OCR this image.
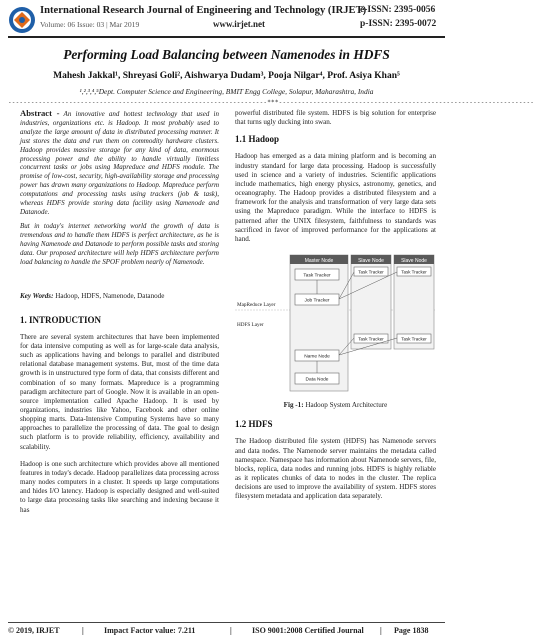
International Research Journal of Engineering and Technology (IRJET)
e-ISSN: 2395-0056
Volume: 06 Issue: 03 | Mar 2019	www.irjet.net	p-ISSN: 2395-0072
Performing Load Balancing between Namenodes in HDFS
Mahesh Jakkal¹, Shreyasi Goli², Aishwarya Dudam³, Pooja Nilgar⁴, Prof. Asiya Khan⁵
¹,²,³,⁴,⁵Dept. Computer Science and Engineering, BMIT Engg College, Solapur, Maharashtra, India
--------------------------------------------------------------------***-------------------------------------------------------------------

Abstract - An innovative and hottest technology that used in industries, organizations etc. is Hadoop. It most probably used to analyze the large amount of data in distributed processing manner. It just stores the data and run them on commodity hardware clusters. Hadoop provides massive storage for any kind of data, enormous processing power and the ability to handle virtually limitless concurrent tasks or jobs using Mapreduce and HDFS module. The promise of low-cost, security, high-availability storage and processing power has drawn many organizations to Hadoop. Mapreduce perform computations and processing tasks using trackers (job & task), whereas HDFS provide storing data facility using Namenode and Datanode.

But in today's internet networking world the growth of data is tremendous and to handle them HDFS is perfect architecture, as he is having Namenode and Datanode to perform possible tasks and storing data. Our proposed architecture will help HDFS architecture perform load balancing to handle the SPOF problem nearly of Namenode.

Key Words: Hadoop, HDFS, Namenode, Datanode

1. INTRODUCTION

There are several system architectures that have been implemented for data intensive computing as well as for large-scale data analysis, such as applications having and belongs to parallel and distributed relational database management systems. But, most of the time data growth is in unstructured type form of data, that consists different and combination of so many formats. Mapreduce is a programming paradigm architecture part of Google. Now it is available in an open-source implementation called Apache Hadoop. It is used by organizations, industries like Yahoo, Facebook and other online shopping marts. Data-Intensive Computing Systems have so many approaches to parallelize the processing of data. The goal to design such platform is to provide reliability, efficiency, availability and scalability.

Hadoop is one such architecture which provides above all mentioned features in today's decade. Hadoop parallelizes data processing across many nodes computers in a cluster. It speeds up large computations and hides I/O latency. Hadoop is especially designed and well-suited to large data processing tasks like searching and indexing because it has

powerful distributed file system. HDFS is big solution for enterprise that turns ugly ducking into swan.

1.1 Hadoop

Hadoop has emerged as a data mining platform and is becoming an industry standard for large data processing. Hadoop is successfully used in science and a variety of industries. Scientific applications include mathematics, high energy physics, astronomy, genetics, and oceanography. The Hadoop provides a distributed filesystem and a framework for the analysis and transformation of very large data sets using the Mapreduce paradigm. While the interface to HDFS is patterned after the UNIX filesystem, faithfulness to standards was sacrificed in favor of improved performance for the applications at hand.

Master Node
Task Tracker
Job Tracker
Name Node
Data Node
Slave Node
Task Tracker
Task Tracker
Slave Node
Task Tracker
Task Tracker
MapReduce Layer
HDFS Layer

Fig -1: Hadoop System Architecture

1.2 HDFS

The Hadoop distributed file system (HDFS) has Namenode servers and data nodes. The Namenode server maintains the metadata called namespace. Namespace has information about Namenode servers, file, blocks, replica, data nodes and running jobs. HDFS is highly reliable as it replicates chunks of data to nodes in the cluster. The replica decisions are used to improve the availability of system. HDFS stores filesystem metadata and application data separately.

© 2019, IRJET	|	Impact Factor value: 7.211	|	ISO 9001:2008 Certified Journal | Page 1838
